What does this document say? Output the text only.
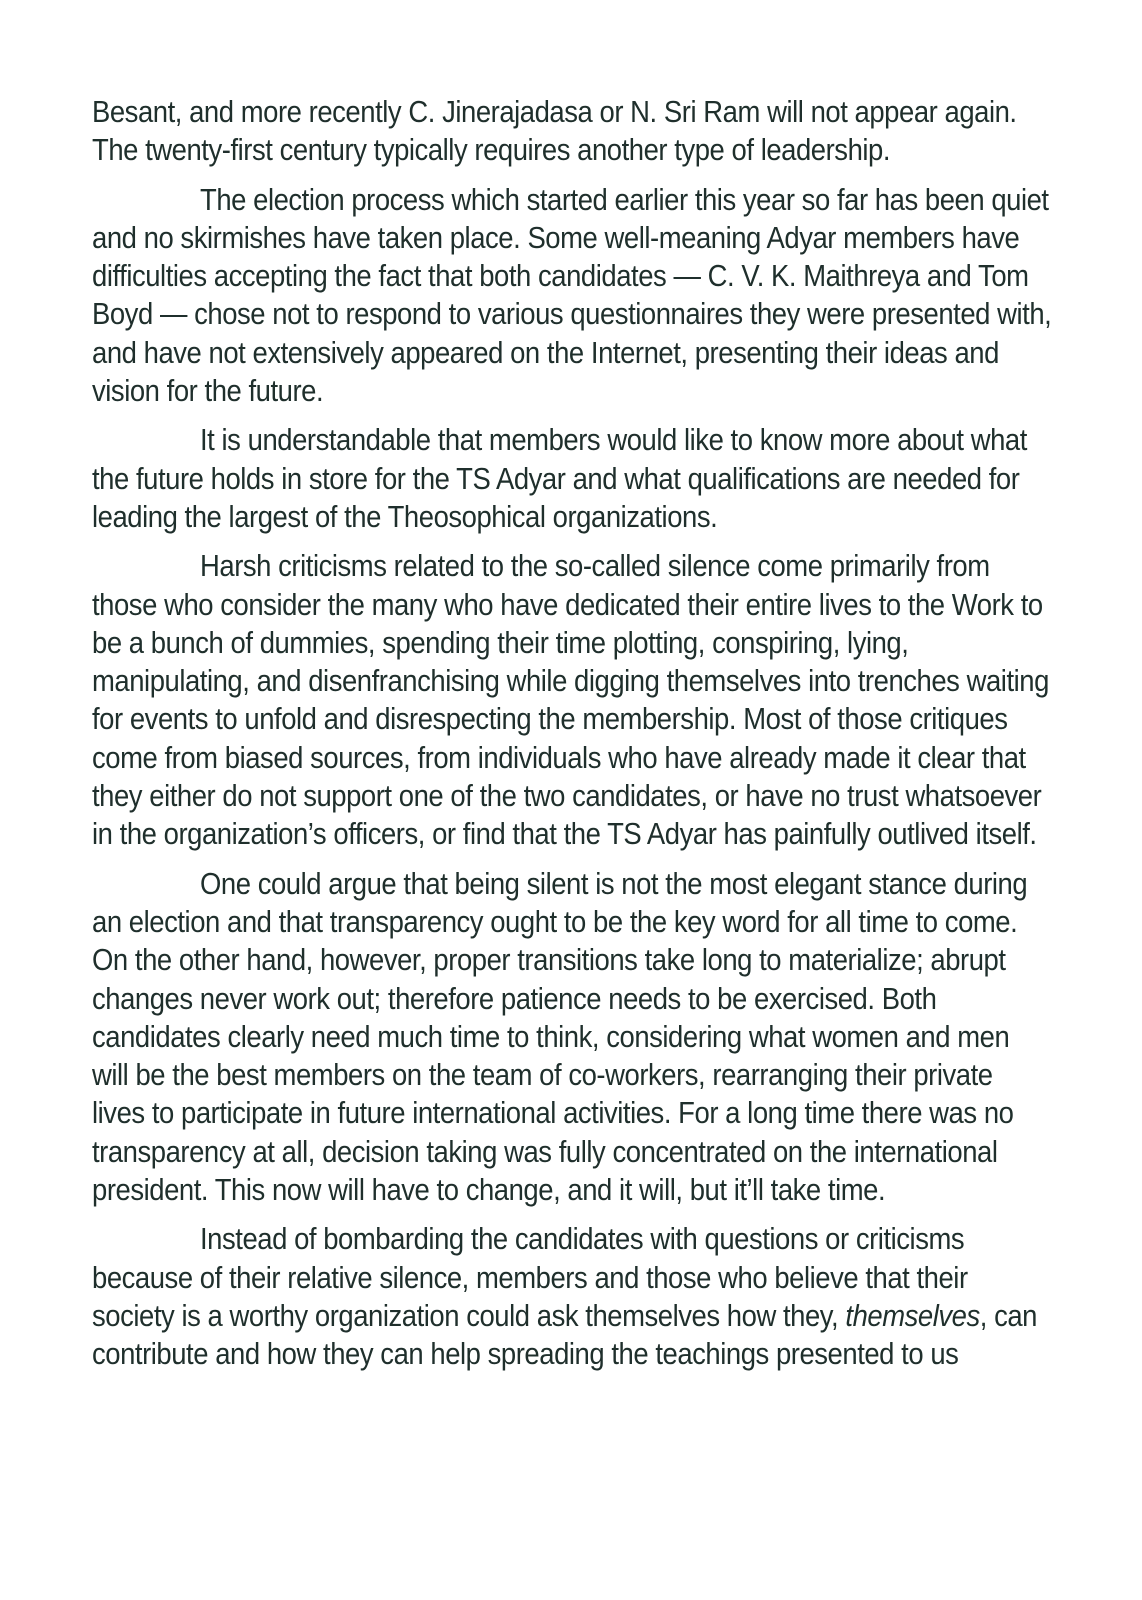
Besant, and more recently C. Jinerajadasa or N. Sri Ram will not appear again. The twenty-first century typically requires another type of leadership.

The election process which started earlier this year so far has been quiet and no skirmishes have taken place. Some well-meaning Adyar members have difficulties accepting the fact that both candidates — C. V. K. Maithreya and Tom Boyd — chose not to respond to various questionnaires they were presented with, and have not extensively appeared on the Internet, presenting their ideas and vision for the future.

It is understandable that members would like to know more about what the future holds in store for the TS Adyar and what qualifications are needed for leading the largest of the Theosophical organizations.

Harsh criticisms related to the so-called silence come primarily from those who consider the many who have dedicated their entire lives to the Work to be a bunch of dummies, spending their time plotting, conspiring, lying, manipulating, and disenfranchising while digging themselves into trenches waiting for events to unfold and disrespecting the membership. Most of those critiques come from biased sources, from individuals who have already made it clear that they either do not support one of the two candidates, or have no trust whatsoever in the organization’s officers, or find that the TS Adyar has painfully outlived itself.

One could argue that being silent is not the most elegant stance during an election and that transparency ought to be the key word for all time to come. On the other hand, however, proper transitions take long to materialize; abrupt changes never work out; therefore patience needs to be exercised. Both candidates clearly need much time to think, considering what women and men will be the best members on the team of co-workers, rearranging their private lives to participate in future international activities. For a long time there was no transparency at all, decision taking was fully concentrated on the international president. This now will have to change, and it will, but it’ll take time.

Instead of bombarding the candidates with questions or criticisms because of their relative silence, members and those who believe that their society is a worthy organization could ask themselves how they, themselves, can contribute and how they can help spreading the teachings presented to us
